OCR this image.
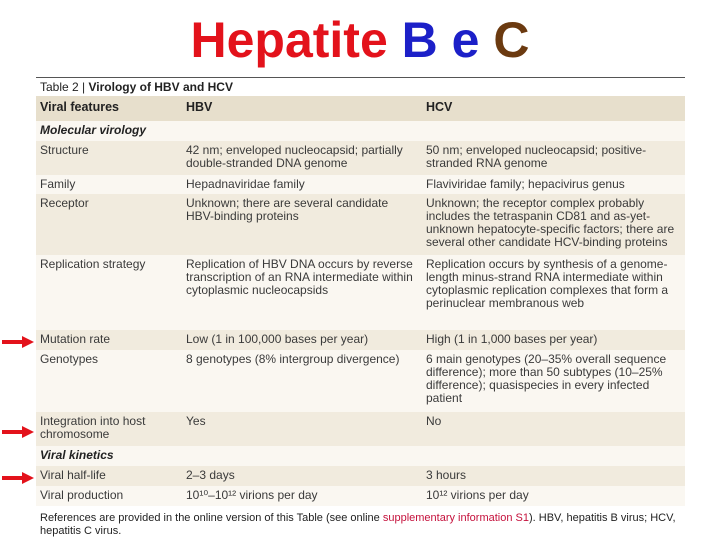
Hepatite B e C
Table 2 | Virology of HBV and HCV
Viral features	HBV	HCV
Molecular virology		
Structure	42 nm; enveloped nucleocapsid; partially double-stranded DNA genome	50 nm; enveloped nucleocapsid; positive-stranded RNA genome
Family	Hepadnaviridae family	Flaviviridae family; hepacivirus genus
Receptor	Unknown; there are several candidate HBV-binding proteins	Unknown; the receptor complex probably includes the tetraspanin CD81 and as-yet-unknown hepatocyte-specific factors; there are several other candidate HCV-binding proteins
Replication strategy	Replication of HBV DNA occurs by reverse transcription of an RNA intermediate within cytoplasmic nucleocapsids	Replication occurs by synthesis of a genome-length minus-strand RNA intermediate within cytoplasmic replication complexes that form a perinuclear membranous web
Mutation rate	Low (1 in 100,000 bases per year)	High (1 in 1,000 bases per year)
Genotypes	8 genotypes (8% intergroup divergence)	6 main genotypes (20–35% overall sequence difference); more than 50 subtypes (10–25% difference); quasispecies in every infected patient
Integration into host chromosome	Yes	No
Viral kinetics		
Viral half-life	2–3 days	3 hours
Viral production	10¹⁰–10¹² virions per day	10¹² virions per day
References are provided in the online version of this Table (see online supplementary information S1). HBV, hepatitis B virus; HCV, hepatitis C virus.
